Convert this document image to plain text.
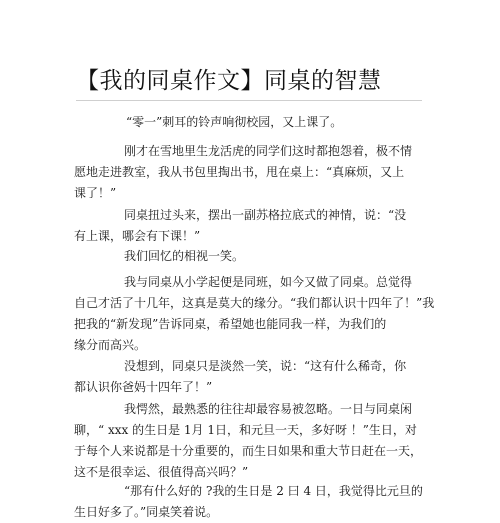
【我的同桌作文】同桌的智慧
“零一”刺耳的铃声响彻校园，又上课了。
刚才在雪地里生龙活虎的同学们这时都抱怨着，极不情
愿地走进教室，我从书包里掏出书，甩在桌上：“真麻烦，又上
课了！”
同桌扭过头来，摆出一副苏格拉底式的神情，说：“没
有上课，哪会有下课！”
我们回忆的相视一笑。
我与同桌从小学起便是同班，如今又做了同桌。总觉得
自己才活了十几年，这真是莫大的缘分。“我们都认识十四年了！”我
把我的“新发现”告诉同桌，希望她也能同我一样，为我们的
缘分而高兴。
没想到，同桌只是淡然一笑，说：“这有什么稀奇，你
都认识你爸妈十四年了！”
我愕然，最熟悉的往往却最容易被忽略。一日与同桌闲
聊，“ xxx 的生日是 1月 1日，和元旦一天，多好呀 ！”生日，对
于每个人来说都是十分重要的，而生日如果和重大节日赶在一天，
这不是很幸运、很值得高兴吗？”
“那有什么好的 ?我的生日是 2 曰 4 日，我觉得比元旦的
生日好多了。”同桌笑着说。
